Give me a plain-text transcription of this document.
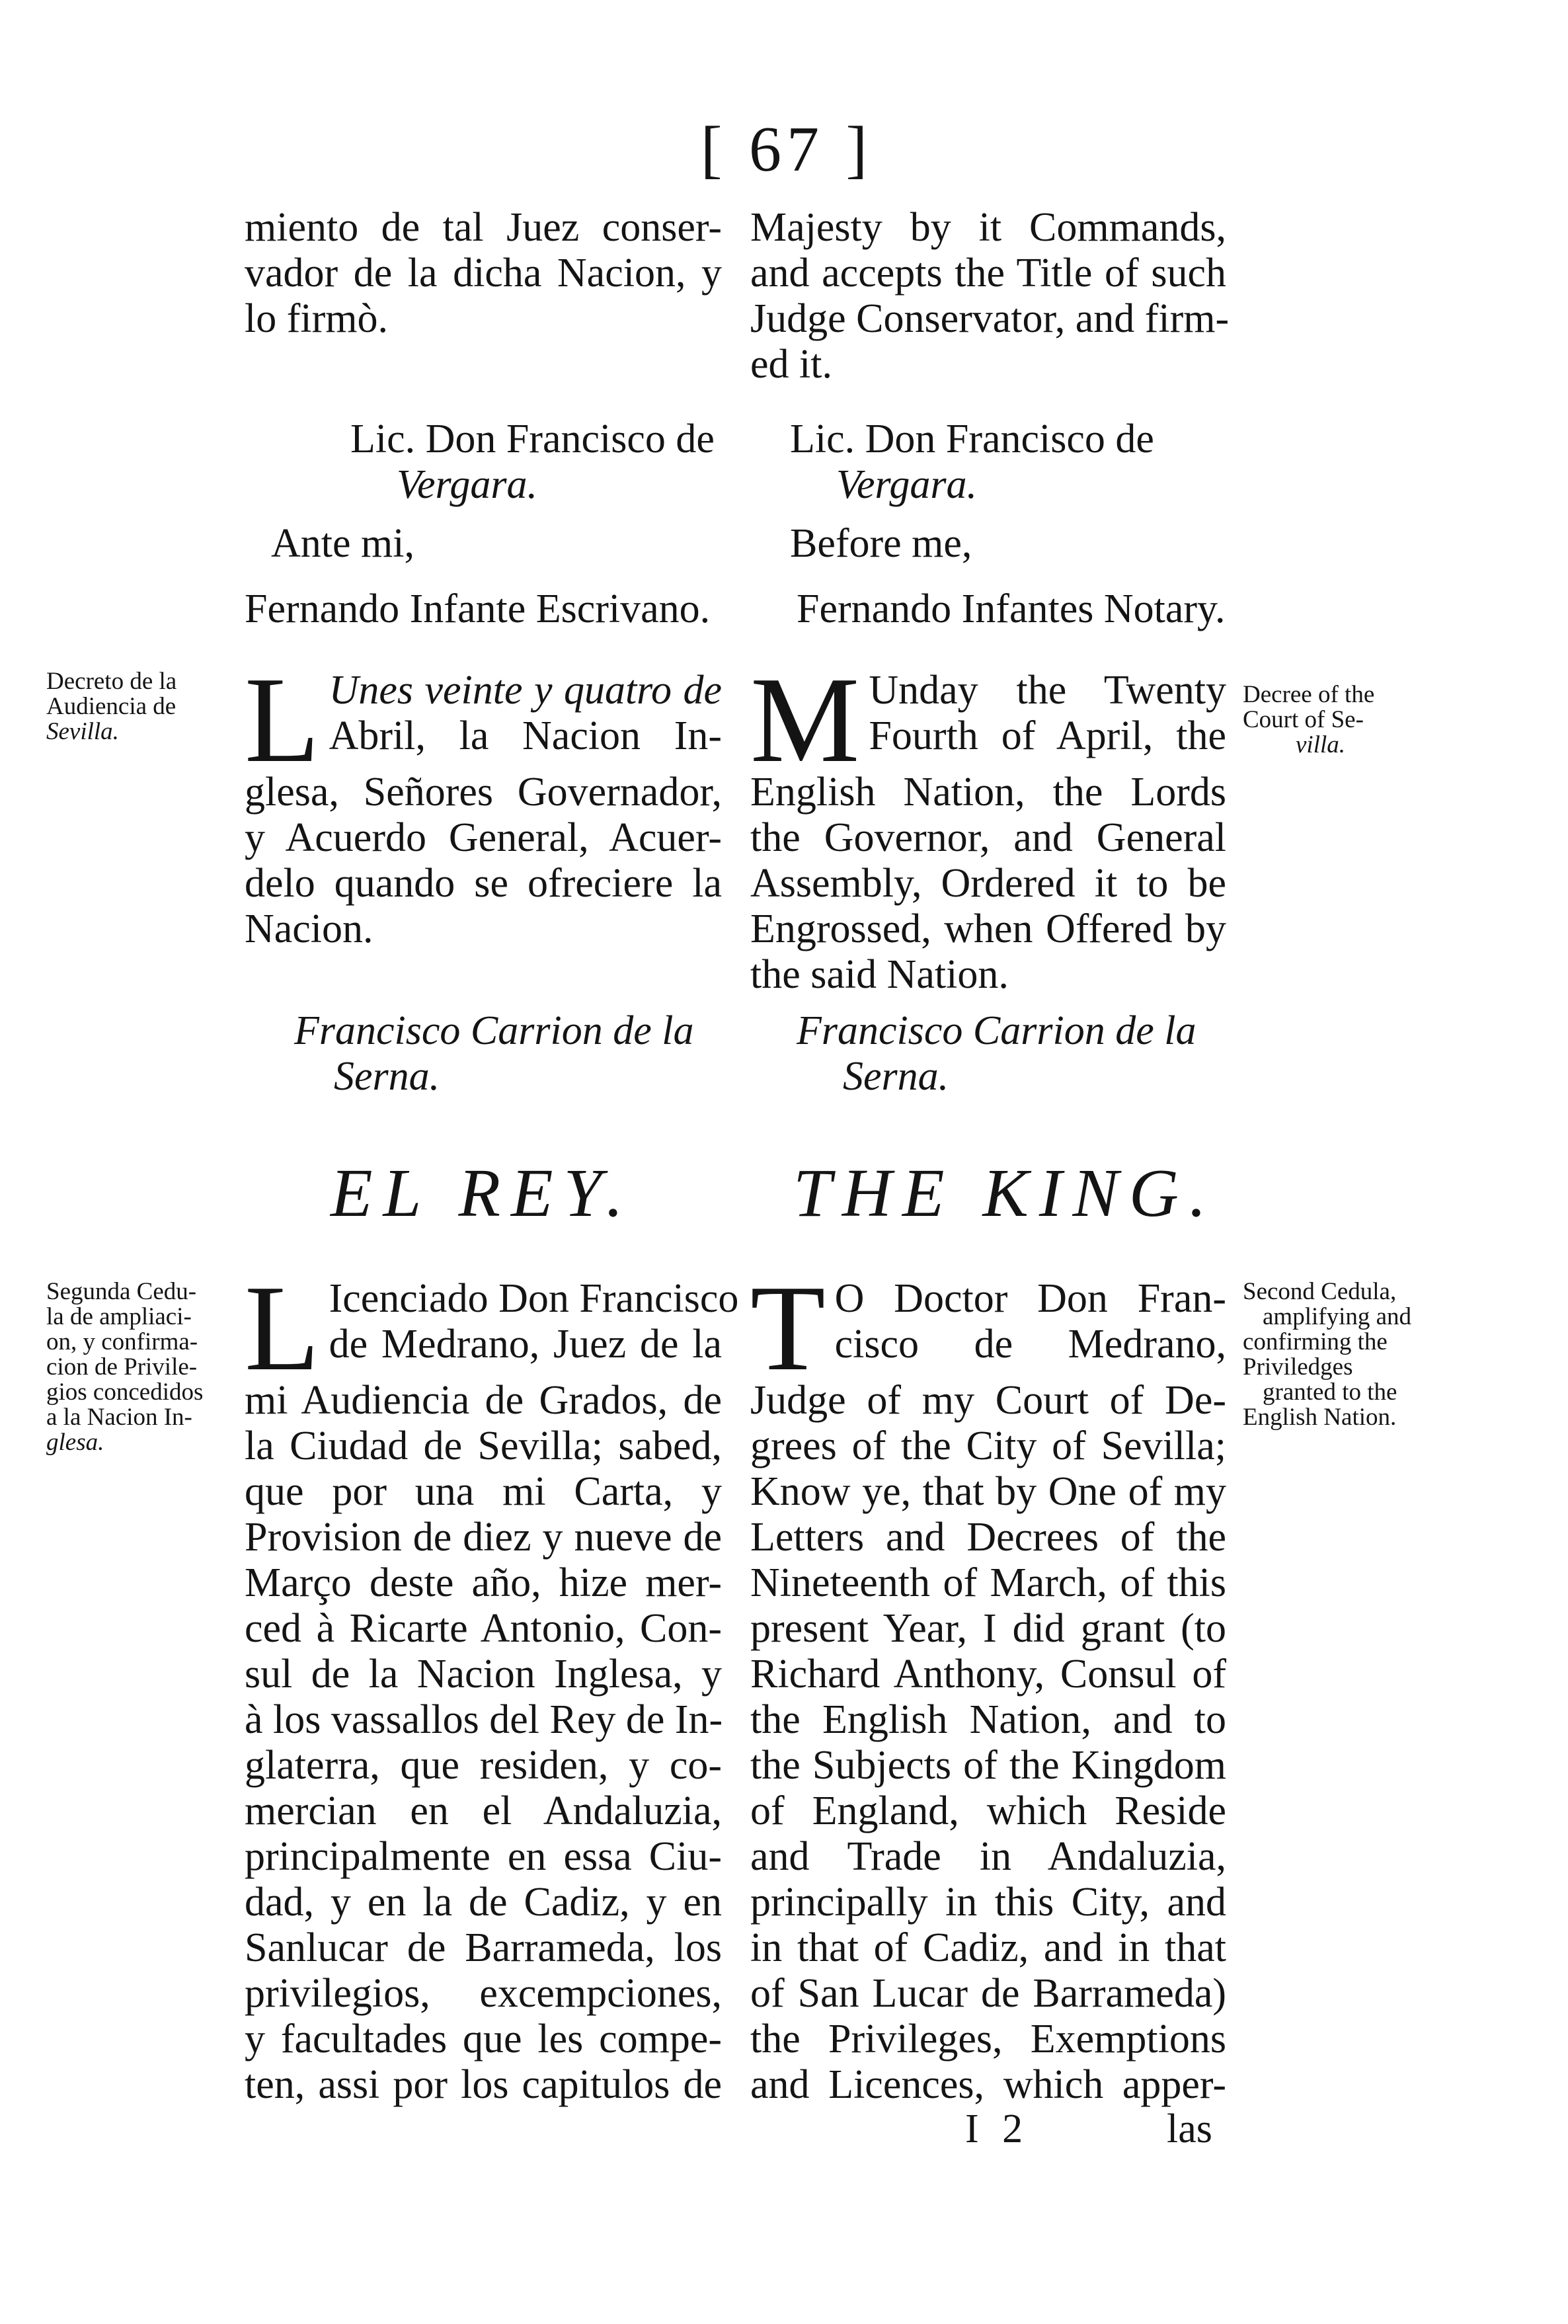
[ 67 ]
miento de tal Juez conser-
vador de la dicha Nacion, y
lo firmò.
Majesty by it Commands,
and accepts the Title of such
Judge Conservator, and firm-
ed it.
Lic. Don Francisco de
Vergara.
Ante mi,
Fernando Infante Escrivano.
Lic. Don Francisco de
Vergara.
Before me,
Fernando Infantes Notary.
Decreto de la
Audiencia de
Sevilla.
Decree of the
Court of Se-
villa.
L Unes veinte y quatro de
Abril, la Nacion In-
glesa, Señores Governador,
y Acuerdo General, Acuer-
delo quando se ofreciere la
Nacion.
M Unday the Twenty
Fourth of April, the
English Nation, the Lords
the Governor, and General
Assembly, Ordered it to be
Engrossed, when Offered by
the said Nation.
Francisco Carrion de la
Serna.
Francisco Carrion de la
Serna.
EL REY. THE KING.
Segunda Cedu-
la de ampliaci-
on, y confirma-
cion de Privile-
gios concedidos
a la Nacion In-
glesa.
Second Cedula,
amplifying and
confirming the
Priviledges
granted to the
English Nation.
L Icenciado Don Francisco
de Medrano, Juez de la
mi Audiencia de Grados, de
la Ciudad de Sevilla; sabed,
que por una mi Carta, y
Provision de diez y nueve de
Março deste año, hize mer-
ced à Ricarte Antonio, Con-
sul de la Nacion Inglesa, y
à los vassallos del Rey de In-
glaterra, que residen, y co-
mercian en el Andaluzia,
principalmente en essa Ciu-
dad, y en la de Cadiz, y en
Sanlucar de Barrameda, los
privilegios, excempciones,
y facultades que les compe-
ten, assi por los capitulos de
T O Doctor Don Fran-
cisco de Medrano,
Judge of my Court of De-
grees of the City of Sevilla;
Know ye, that by One of my
Letters and Decrees of the
Nineteenth of March, of this
present Year, I did grant (to
Richard Anthony, Consul of
the English Nation, and to
the Subjects of the Kingdom
of England, which Reside
and Trade in Andaluzia,
principally in this City, and
in that of Cadiz, and in that
of San Lucar de Barrameda)
the Privileges, Exemptions
and Licences, which apper-
I 2	las
